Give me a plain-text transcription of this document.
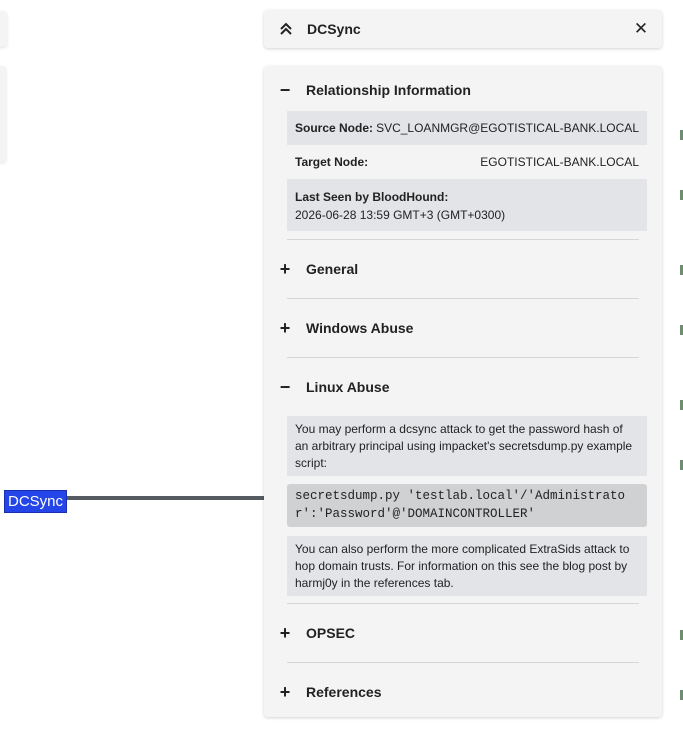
DCSync
DCSync	✕
− Relationship Information
Source Node: SVC_LOANMGR@EGOTISTICAL-BANK.LOCAL
Target Node:	EGOTISTICAL-BANK.LOCAL
Last Seen by BloodHound:
2026-06-28 13:59 GMT+3 (GMT+0300)
+ General
+ Windows Abuse
− Linux Abuse
You may perform a dcsync attack to get the password hash of an arbitrary principal using impacket's secretsdump.py example script:
secretsdump.py 'testlab.local'/'Administrator':'Password'@'DOMAINCONTROLLER'
You can also perform the more complicated ExtraSids attack to hop domain trusts. For information on this see the blog post by harmj0y in the references tab.
+ OPSEC
+ References
